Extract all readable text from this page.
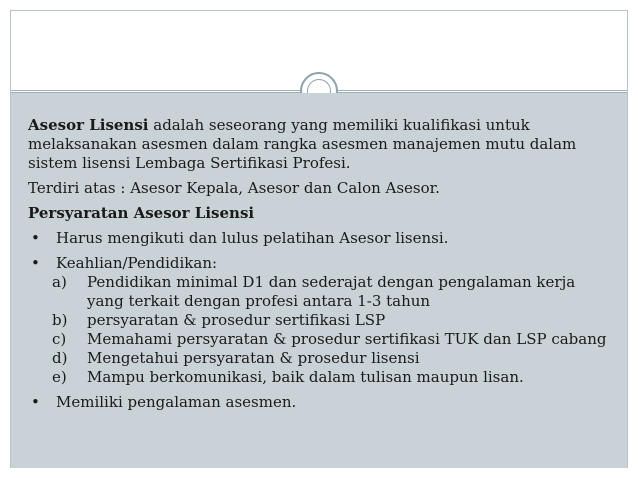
Asesor Lisensi adalah seseorang yang memiliki kualifikasi untuk melaksanakan asesmen dalam rangka asesmen manajemen mutu dalam sistem lisensi Lembaga Sertifikasi Profesi.

Terdiri atas : Asesor Kepala, Asesor dan Calon Asesor.

Persyaratan Asesor Lisensi

• Harus mengikuti dan lulus pelatihan Asesor lisensi.
• Keahlian/Pendidikan:
a) Pendidikan minimal D1 dan sederajat dengan pengalaman kerja yang terkait dengan profesi antara 1-3 tahun
b) persyaratan & prosedur sertifikasi LSP
c) Memahami persyaratan & prosedur sertifikasi TUK dan LSP cabang
d) Mengetahui persyaratan & prosedur lisensi
e) Mampu berkomunikasi, baik dalam tulisan maupun lisan.
• Memiliki pengalaman asesmen.
